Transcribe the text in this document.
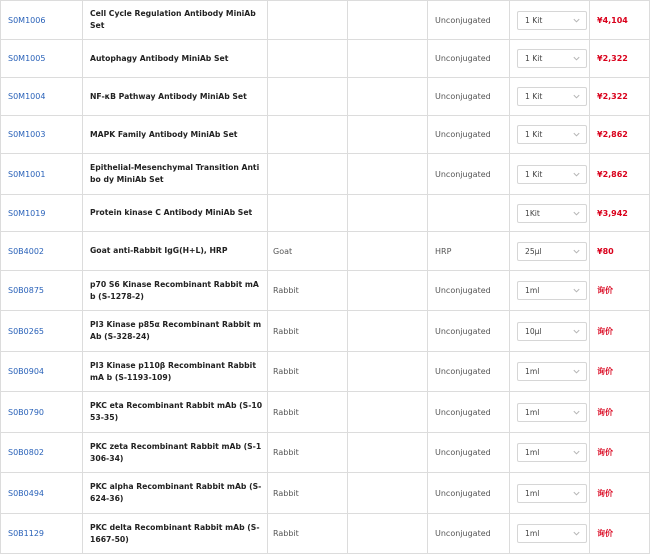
S0M1006	Cell Cycle Regulation Antibody MiniAb Set			Unconjugated	1 Kit	¥4,104
S0M1005	Autophagy Antibody MiniAb Set			Unconjugated	1 Kit	¥2,322
S0M1004	NF-κB Pathway Antibody MiniAb Set			Unconjugated	1 Kit	¥2,322
S0M1003	MAPK Family Antibody MiniAb Set			Unconjugated	1 Kit	¥2,862
S0M1001	Epithelial-Mesenchymal Transition Antibo dy MiniAb Set			Unconjugated	1 Kit	¥2,862
S0M1019	Protein kinase C Antibody MiniAb Set				1Kit	¥3,942
S0B4002	Goat anti-Rabbit IgG(H+L), HRP	Goat		HRP	25μl	¥80
S0B0875	p70 S6 Kinase Recombinant Rabbit mAb (S-1278-2)	Rabbit		Unconjugated	1ml	询价
S0B0265	PI3 Kinase p85α Recombinant Rabbit mAb (S-328-24)	Rabbit		Unconjugated	10μl	询价
S0B0904	PI3 Kinase p110β Recombinant Rabbit mA b (S-1193-109)	Rabbit		Unconjugated	1ml	询价
S0B0790	PKC eta Recombinant Rabbit mAb (S-1053-35)	Rabbit		Unconjugated	1ml	询价
S0B0802	PKC zeta Recombinant Rabbit mAb (S-1306-34)	Rabbit		Unconjugated	1ml	询价
S0B0494	PKC alpha Recombinant Rabbit mAb (S-624-36)	Rabbit		Unconjugated	1ml	询价
S0B1129	PKC delta Recombinant Rabbit mAb (S-1667-50)	Rabbit		Unconjugated	1ml	询价
